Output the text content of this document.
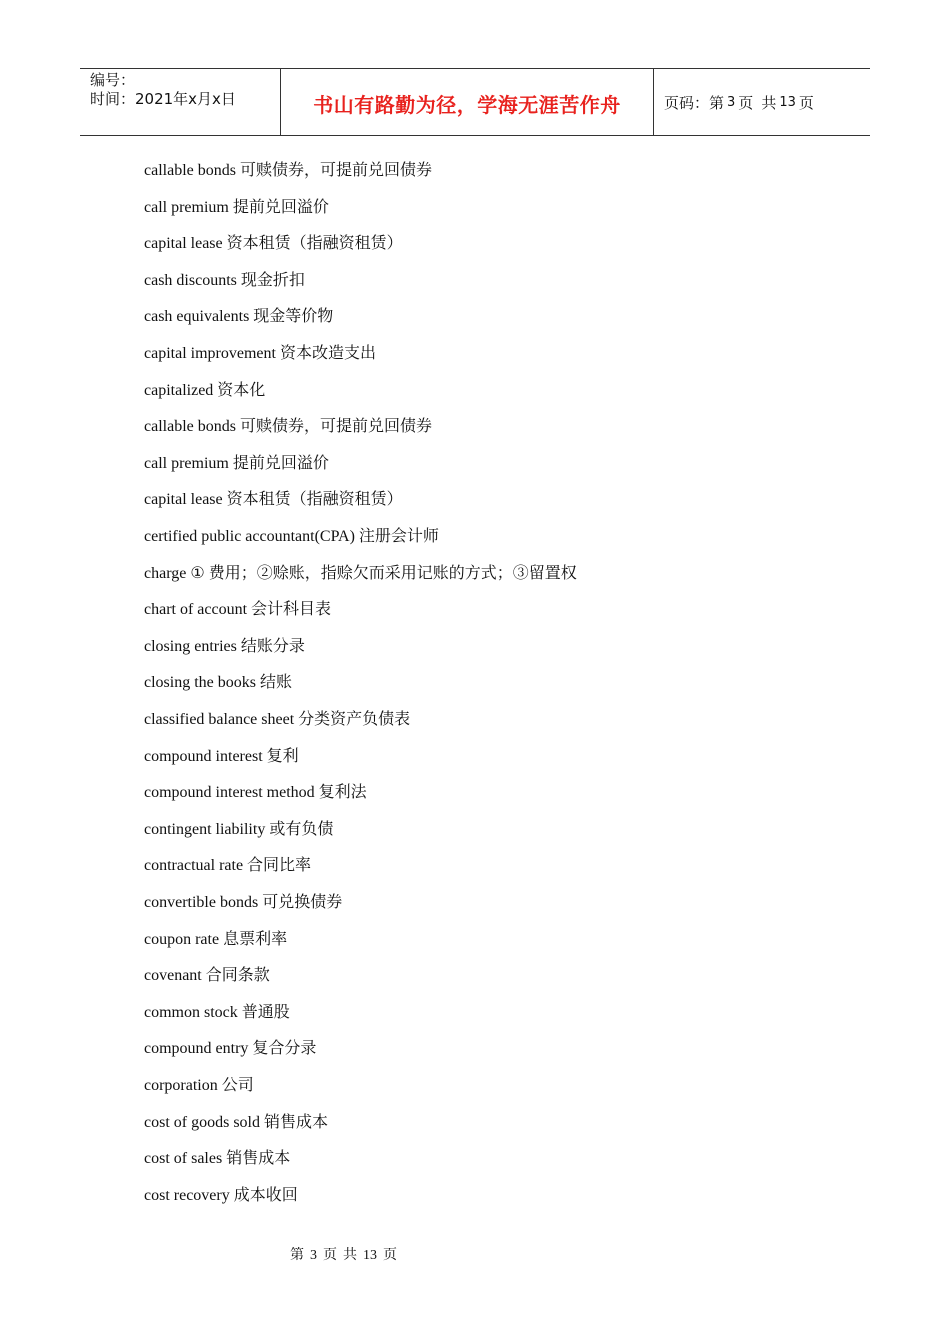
编号：
时间：2021年x月x日	书山有路勤为径，学海无涯苦作舟	页码：第 3 页 共 13 页
callable bonds 可赎债券，可提前兑回债券
call premium 提前兑回溢价
capital lease 资本租赁（指融资租赁）
cash discounts 现金折扣
cash equivalents 现金等价物
capital improvement 资本改造支出
capitalized 资本化
callable bonds 可赎债券，可提前兑回债券
call premium 提前兑回溢价
capital lease 资本租赁（指融资租赁）
certified public accountant(CPA) 注册会计师
charge ① 费用；②赊账，指赊欠而采用记账的方式；③留置权
chart of account 会计科目表
closing entries 结账分录
closing the books 结账
classified balance sheet 分类资产负债表
compound interest 复利
compound interest method 复利法
contingent liability 或有负债
contractual rate 合同比率
convertible bonds 可兑换债券
coupon rate 息票利率
covenant 合同条款
common stock 普通股
compound entry 复合分录
corporation 公司
cost of goods sold 销售成本
cost of sales 销售成本
cost recovery 成本收回
第 3 页 共 13 页
